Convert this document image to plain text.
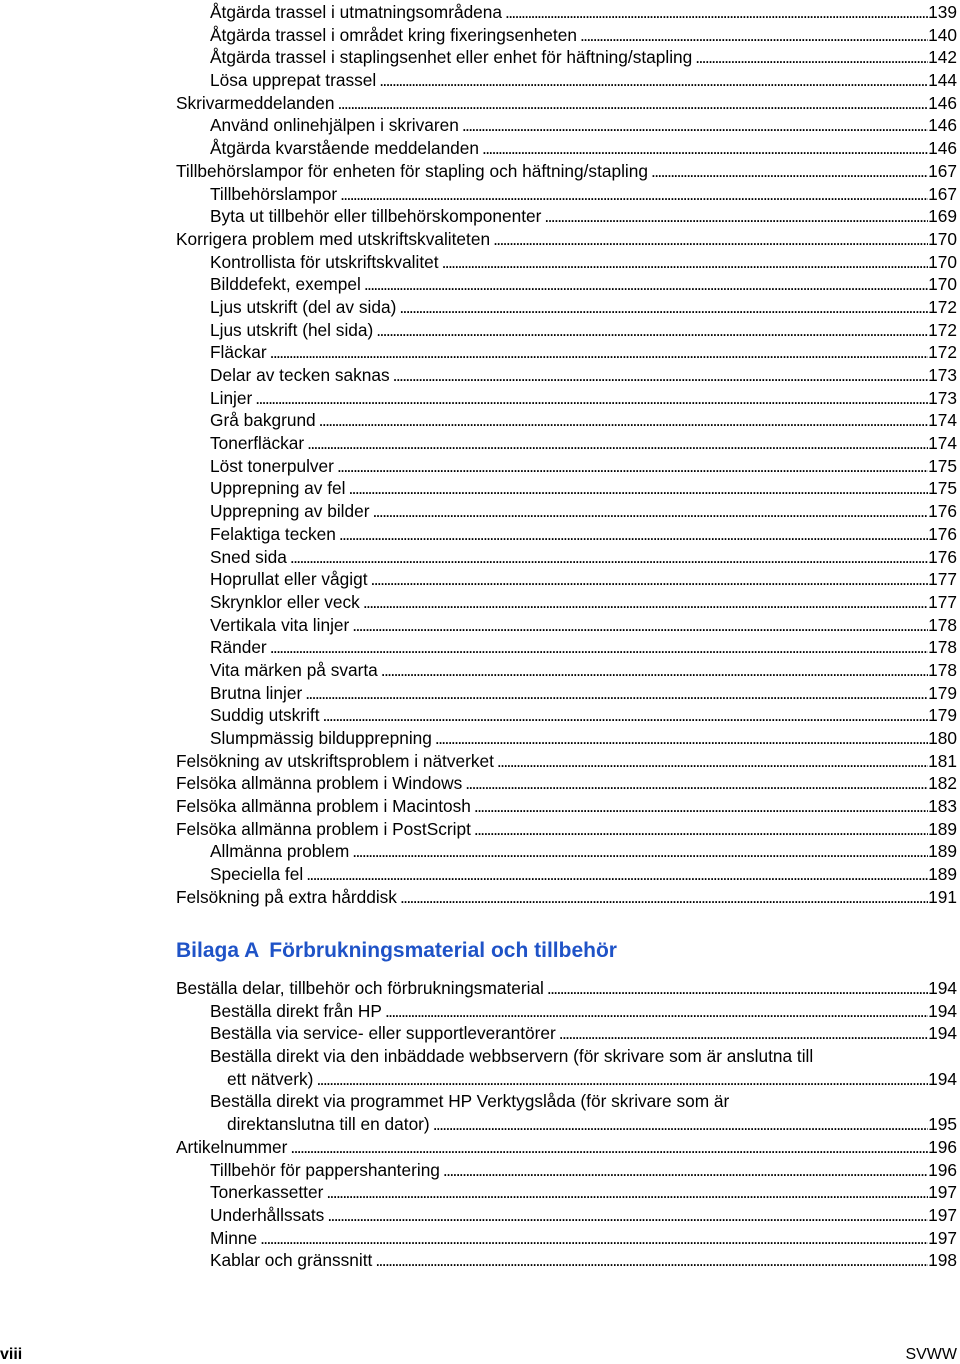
Åtgärda trassel i utmatningsområdena . . .	139
Åtgärda trassel i området kring fixeringsenheten . . .	140
Åtgärda trassel i staplingsenhet eller enhet för häftning/stapling . . .	142
Lösa upprepat trassel . . .	144
Skrivarmeddelanden . . .	146
Använd onlinehjälpen i skrivaren . . .	146
Åtgärda kvarstående meddelanden . . .	146
Tillbehörslampor för enheten för stapling och häftning/stapling . . .	167
Tillbehörslampor . . .	167
Byta ut tillbehör eller tillbehörskomponenter . . .	169
Korrigera problem med utskriftskvaliteten . . .	170
Kontrollista för utskriftskvalitet . . .	170
Bilddefekt, exempel . . .	170
Ljus utskrift (del av sida) . . .	172
Ljus utskrift (hel sida) . . .	172
Fläckar . . .	172
Delar av tecken saknas . . .	173
Linjer . . .	173
Grå bakgrund . . .	174
Tonerfläckar . . .	174
Löst tonerpulver . . .	175
Upprepning av fel . . .	175
Upprepning av bilder . . .	176
Felaktiga tecken . . .	176
Sned sida . . .	176
Hoprullat eller vågigt . . .	177
Skrynklor eller veck . . .	177
Vertikala vita linjer . . .	178
Ränder . . .	178
Vita märken på svarta . . .	178
Brutna linjer . . .	179
Suddig utskrift . . .	179
Slumpmässig bildupprepning . . .	180
Felsökning av utskriftsproblem i nätverket . . .	181
Felsöka allmänna problem i Windows . . .	182
Felsöka allmänna problem i Macintosh . . .	183
Felsöka allmänna problem i PostScript . . .	189
Allmänna problem . . .	189
Speciella fel . . .	189
Felsökning på extra hårddisk . . .	191
Bilaga A Förbrukningsmaterial och tillbehör
Beställa delar, tillbehör och förbrukningsmaterial . . .	194
Beställa direkt från HP . . .	194
Beställa via service- eller supportleverantörer . . .	194
Beställa direkt via den inbäddade webbservern (för skrivare som är anslutna till
ett nätverk) . . .	194
Beställa direkt via programmet HP Verktygslåda (för skrivare som är
direktanslutna till en dator) . . .	195
Artikelnummer . . .	196
Tillbehör för pappershantering . . .	196
Tonerkassetter . . .	197
Underhållssats . . .	197
Minne . . .	197
Kablar och gränssnitt . . .	198
viii	SVWW
